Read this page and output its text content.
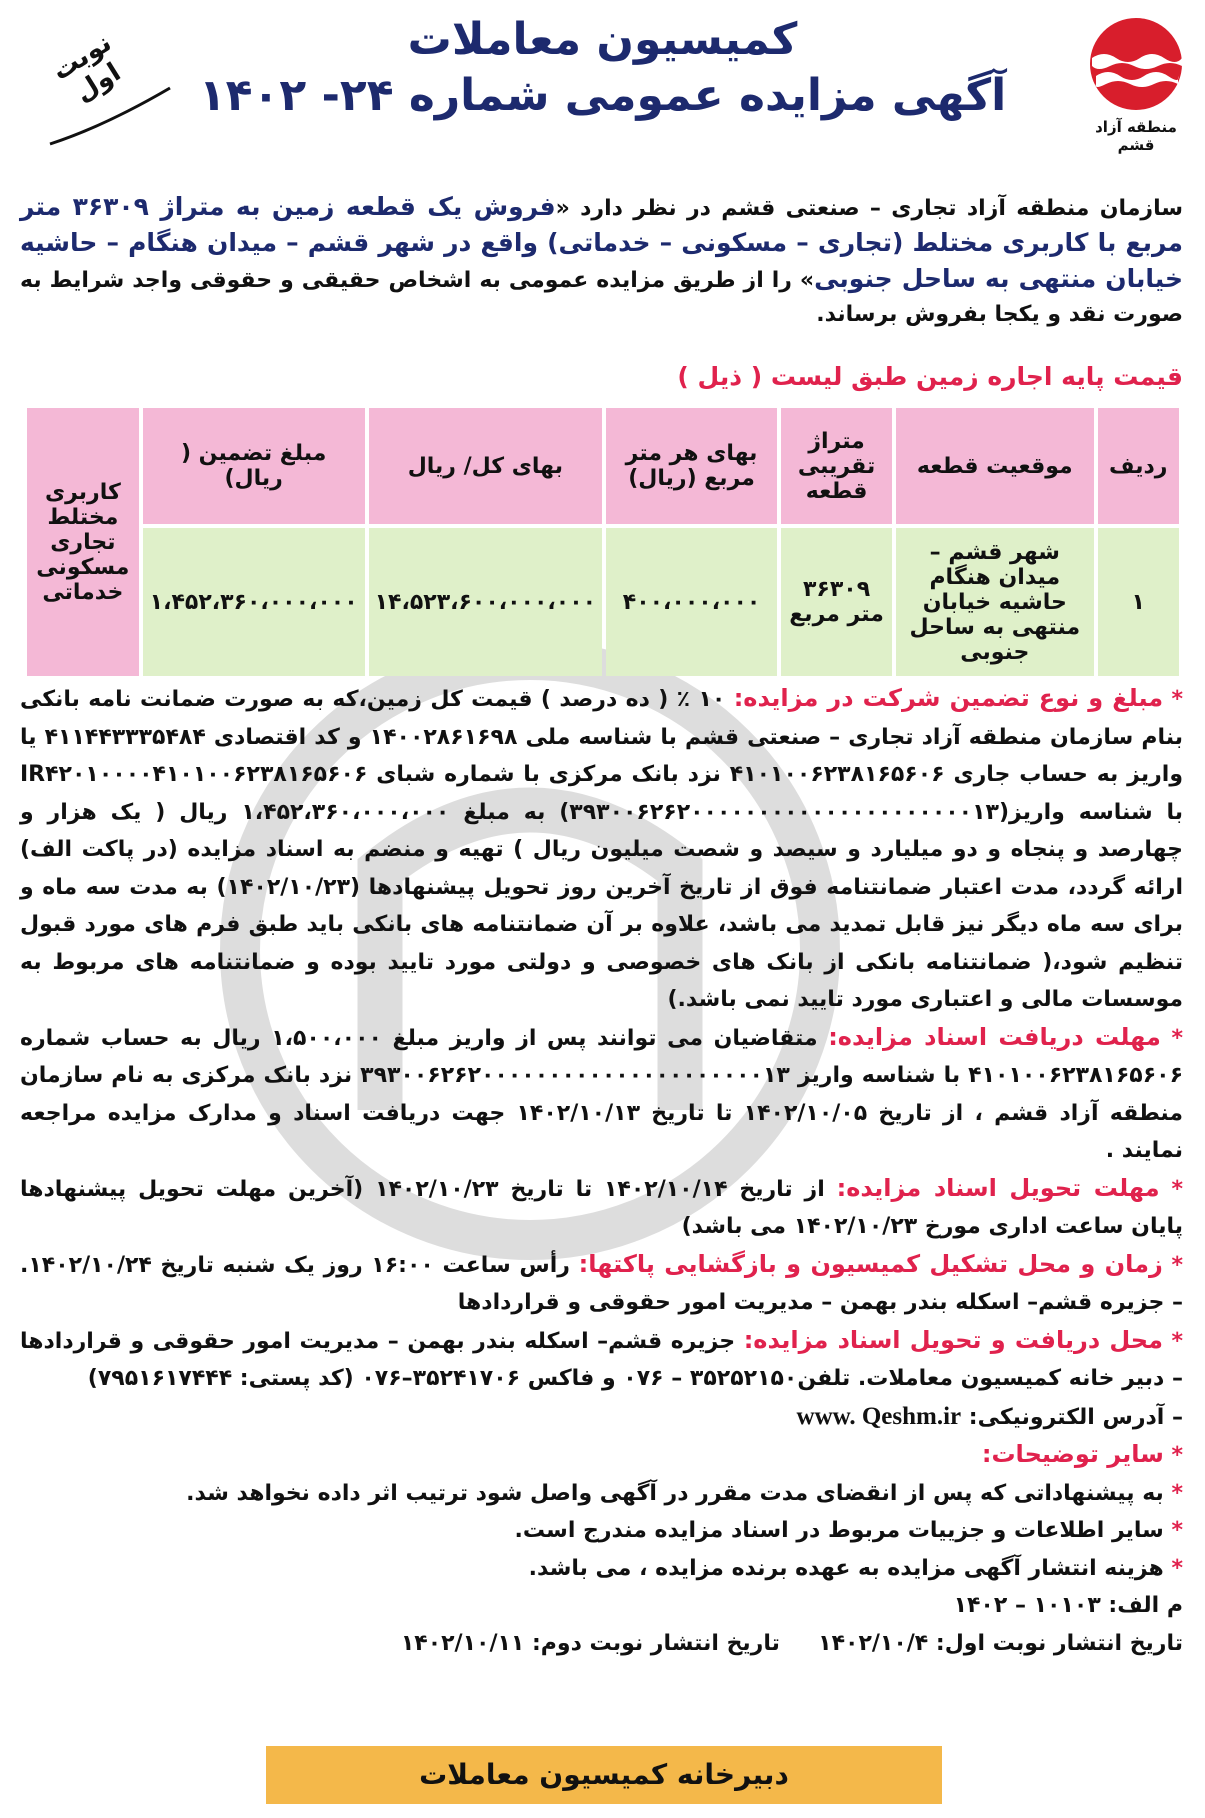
منطقه آزاد قشم
کمیسیون معاملات
آگهی مزایده عمومی شماره ۲۴- ۱۴۰۲
نوبت اول
سازمان منطقه آزاد تجاری – صنعتی قشم در نظر دارد «فروش یک قطعه زمین به متراژ ۳۶۳۰۹ متر مربع با کاربری مختلط (تجاری – مسکونی – خدماتی) واقع در شهر قشم – میدان هنگام – حاشیه خیابان منتهی به ساحل جنوبی» را از طریق مزایده عمومی به اشخاص حقیقی و حقوقی واجد شرایط به صورت نقد و یکجا بفروش برساند.
قیمت پایه اجاره زمین طبق لیست ( ذیل )
ردیف	موقعیت قطعه	متراژ تقریبی قطعه	بهای هر متر مربع (ریال)	بهای کل/ ریال	مبلغ تضمین ( ریال)	کاربری مختلط تجاری مسکونی خدماتی
۱	شهر قشم – میدان هنگام حاشیه خیابان منتهی به ساحل جنوبی	۳۶۳۰۹ متر مربع	۴۰۰،۰۰۰،۰۰۰	۱۴،۵۲۳،۶۰۰،۰۰۰،۰۰۰	۱،۴۵۲،۳۶۰،۰۰۰،۰۰۰	

* مبلغ و نوع تضمین شرکت در مزایده: ۱۰ ٪ ( ده درصد ) قیمت کل زمین،که به صورت ضمانت نامه بانکی بنام سازمان منطقه آزاد تجاری – صنعتی قشم با شناسه ملی ۱۴۰۰۲۸۶۱۶۹۸ و کد اقتصادی ۴۱۱۴۴۳۳۳۵۴۸۴ یا واریز به حساب جاری ۴۱۰۱۰۰۶۲۳۸۱۶۵۶۰۶ نزد بانک مرکزی با شماره شبای IR۴۲۰۱۰۰۰۰۴۱۰۱۰۰۶۲۳۸۱۶۵۶۰۶ با شناسه واریز(۳۹۳۰۰۶۲۶۲۰۰۰۰۰۰۰۰۰۰۰۰۰۰۰۰۰۰۰۰۰۱۳) به مبلغ ۱،۴۵۲،۳۶۰،۰۰۰،۰۰۰ ریال ( یک هزار و چهارصد و پنجاه و دو میلیارد و سیصد و شصت میلیون ریال ) تهیه و منضم به اسناد مزایده (در پاکت الف) ارائه گردد، مدت اعتبار ضمانتنامه فوق از تاریخ آخرین روز تحویل پیشنهادها (۱۴۰۲/۱۰/۲۳) به مدت سه ماه و برای سه ماه دیگر نیز قابل تمدید می باشد، علاوه بر آن ضمانتنامه های بانکی باید طبق فرم های مورد قبول تنظیم شود،( ضمانتنامه بانکی از بانک های خصوصی و دولتی مورد تایید بوده و ضمانتنامه های مربوط به موسسات مالی و اعتباری مورد تایید نمی باشد.)

* مهلت دریافت اسناد مزایده: متقاضیان می توانند پس از واریز مبلغ ۱،۵۰۰،۰۰۰ ریال به حساب شماره ۴۱۰۱۰۰۶۲۳۸۱۶۵۶۰۶ با شناسه واریز ۳۹۳۰۰۶۲۶۲۰۰۰۰۰۰۰۰۰۰۰۰۰۰۰۰۰۰۰۰۰۱۳ نزد بانک مرکزی به نام سازمان منطقه آزاد قشم ، از تاریخ ۱۴۰۲/۱۰/۰۵ تا تاریخ ۱۴۰۲/۱۰/۱۳ جهت دریافت اسناد و مدارک مزایده مراجعه نمایند .

* مهلت تحویل اسناد مزایده: از تاریخ ۱۴۰۲/۱۰/۱۴ تا تاریخ ۱۴۰۲/۱۰/۲۳ (آخرین مهلت تحویل پیشنهادها پایان ساعت اداری مورخ ۱۴۰۲/۱۰/۲۳ می باشد)

* زمان و محل تشکیل کمیسیون و بازگشایی پاکتها: رأس ساعت ۱۶:۰۰ روز یک شنبه تاریخ ۱۴۰۲/۱۰/۲۴. – جزیره قشم– اسکله بندر بهمن – مدیریت امور حقوقی و قراردادها

* محل دریافت و تحویل اسناد مزایده: جزیره قشم– اسکله بندر بهمن – مدیریت امور حقوقی و قراردادها – دبیر خانه کمیسیون معاملات. تلفن۳۵۲۵۲۱۵۰ – ۰۷۶ و فاکس ۳۵۲۴۱۷۰۶–۰۷۶ (کد پستی: ۷۹۵۱۶۱۷۴۴۴)

– آدرس الکترونیکی: www. Qeshm.ir

* سایر توضیحات:

* به پیشنهاداتی که پس از انقضای مدت مقرر در آگهی واصل شود ترتیب اثر داده نخواهد شد.

* سایر اطلاعات و جزییات مربوط در اسناد مزایده مندرج است.

* هزینه انتشار آگهی مزایده به عهده برنده مزایده ، می باشد.

م الف: ۱۰۱۰۳ – ۱۴۰۲

تاریخ انتشار نوبت اول: ۱۴۰۲/۱۰/۴     تاریخ انتشار نوبت دوم: ۱۴۰۲/۱۰/۱۱

دبیرخانه کمیسیون معاملات
